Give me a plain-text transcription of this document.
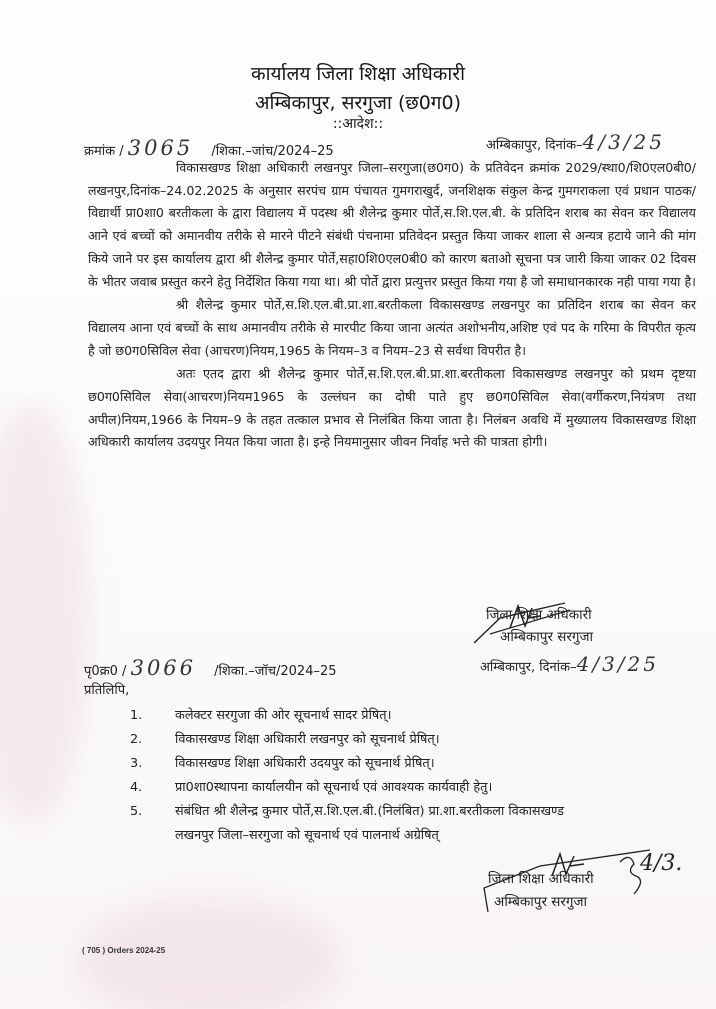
कार्यालय जिला शिक्षा अधिकारी
अम्बिकापुर, सरगुजा (छ0ग0)
::आदेश::
क्रमांक / 3065 /शिका.–जांच/2024–25	अम्बिकापुर, दिनांक–4/3/25

विकासखण्ड शिक्षा अधिकारी लखनपुर जिला–सरगुजा(छ0ग0) के प्रतिवेदन क्रमांक 2029/स्था0/शि0एल0बी0/लखनपुर,दिनांक–24.02.2025 के अनुसार सरपंच ग्राम पंचायत गुमगराखुर्द, जनशिक्षक संकुल केन्द्र गुमगराकला एवं प्रधान पाठक/विद्यार्थी प्रा0शा0 बरतीकला के द्वारा विद्यालय में पदस्थ श्री शैलेन्द्र कुमार पोर्ते,स.शि.एल.बी. के प्रतिदिन शराब का सेवन कर विद्यालय आने एवं बच्चों को अमानवीय तरीके से मारने पीटने संबंधी पंचनामा प्रतिवेदन प्रस्तुत किया जाकर शाला से अन्यत्र हटाये जाने की मांग किये जाने पर इस कार्यालय द्वारा श्री शैलेन्द्र कुमार पोर्ते,सहा0शि0एल0बी0 को कारण बताओ सूचना पत्र जारी किया जाकर 02 दिवस के भीतर जवाब प्रस्तुत करने हेतु निर्देशित किया गया था। श्री पोर्ते द्वारा प्रत्युत्तर प्रस्तुत किया गया है जो समाधानकारक नही पाया गया है।

श्री शैलेन्द्र कुमार पोर्ते,स.शि.एल.बी.प्रा.शा.बरतीकला विकासखण्ड लखनपुर का प्रतिदिन शराब का सेवन कर विद्यालय आना एवं बच्चों के साथ अमानवीय तरीके से मारपीट किया जाना अत्यंत अशोभनीय,अशिष्ट एवं पद के गरिमा के विपरीत कृत्य है जो छ0ग0सिविल सेवा (आचरण)नियम,1965 के नियम–3 व नियम–23 से सर्वथा विपरीत है।

अतः एतद द्वारा श्री शैलेन्द्र कुमार पोर्ते,स.शि.एल.बी.प्रा.शा.बरतीकला विकासखण्ड लखनपुर को प्रथम दृष्टया छ0ग0सिविल सेवा(आचरण)नियम1965 के उल्लंघन का दोषी पाते हुए छ0ग0सिविल सेवा(वर्गीकरण,नियंत्रण तथा अपील)नियम,1966 के नियम–9 के तहत तत्काल प्रभाव से निलंबित किया जाता है। निलंबन अवधि में मुख्यालय विकासखण्ड शिक्षा अधिकारी कार्यालय उदयपुर नियत किया जाता है। इन्हे नियमानुसार जीवन निर्वाह भत्ते की पात्रता होगी।

जिला शिक्षा अधिकारी
अम्बिकापुर सरगुजा
पृ0क्र0 / 3066 /शिका.–जॉच/2024–25	अम्बिकापुर, दिनांक–4/3/25
प्रतिलिपि,
1.	कलेक्टर सरगुजा की ओर सूचनार्थ सादर प्रेषित्।
2.	विकासखण्ड शिक्षा अधिकारी लखनपुर को सूचनार्थ प्रेषित्।
3.	विकासखण्ड शिक्षा अधिकारी उदयपुर को सूचनार्थ प्रेषित्।
4.	प्रा0शा0स्थापना कार्यालयीन को सूचनार्थ एवं आवश्यक कार्यवाही हेतु।
5.	संबंधित श्री शैलेन्द्र कुमार पोर्ते,स.शि.एल.बी.(निलंबित) प्रा.शा.बरतीकला विकासखण्ड
लखनपुर जिला–सरगुजा को सूचनार्थ एवं पालनार्थ अग्रेषित्
4/3.
जिला शिक्षा अधिकारी
अम्बिकापुर सरगुजा
( 705 ) Orders 2024-25
